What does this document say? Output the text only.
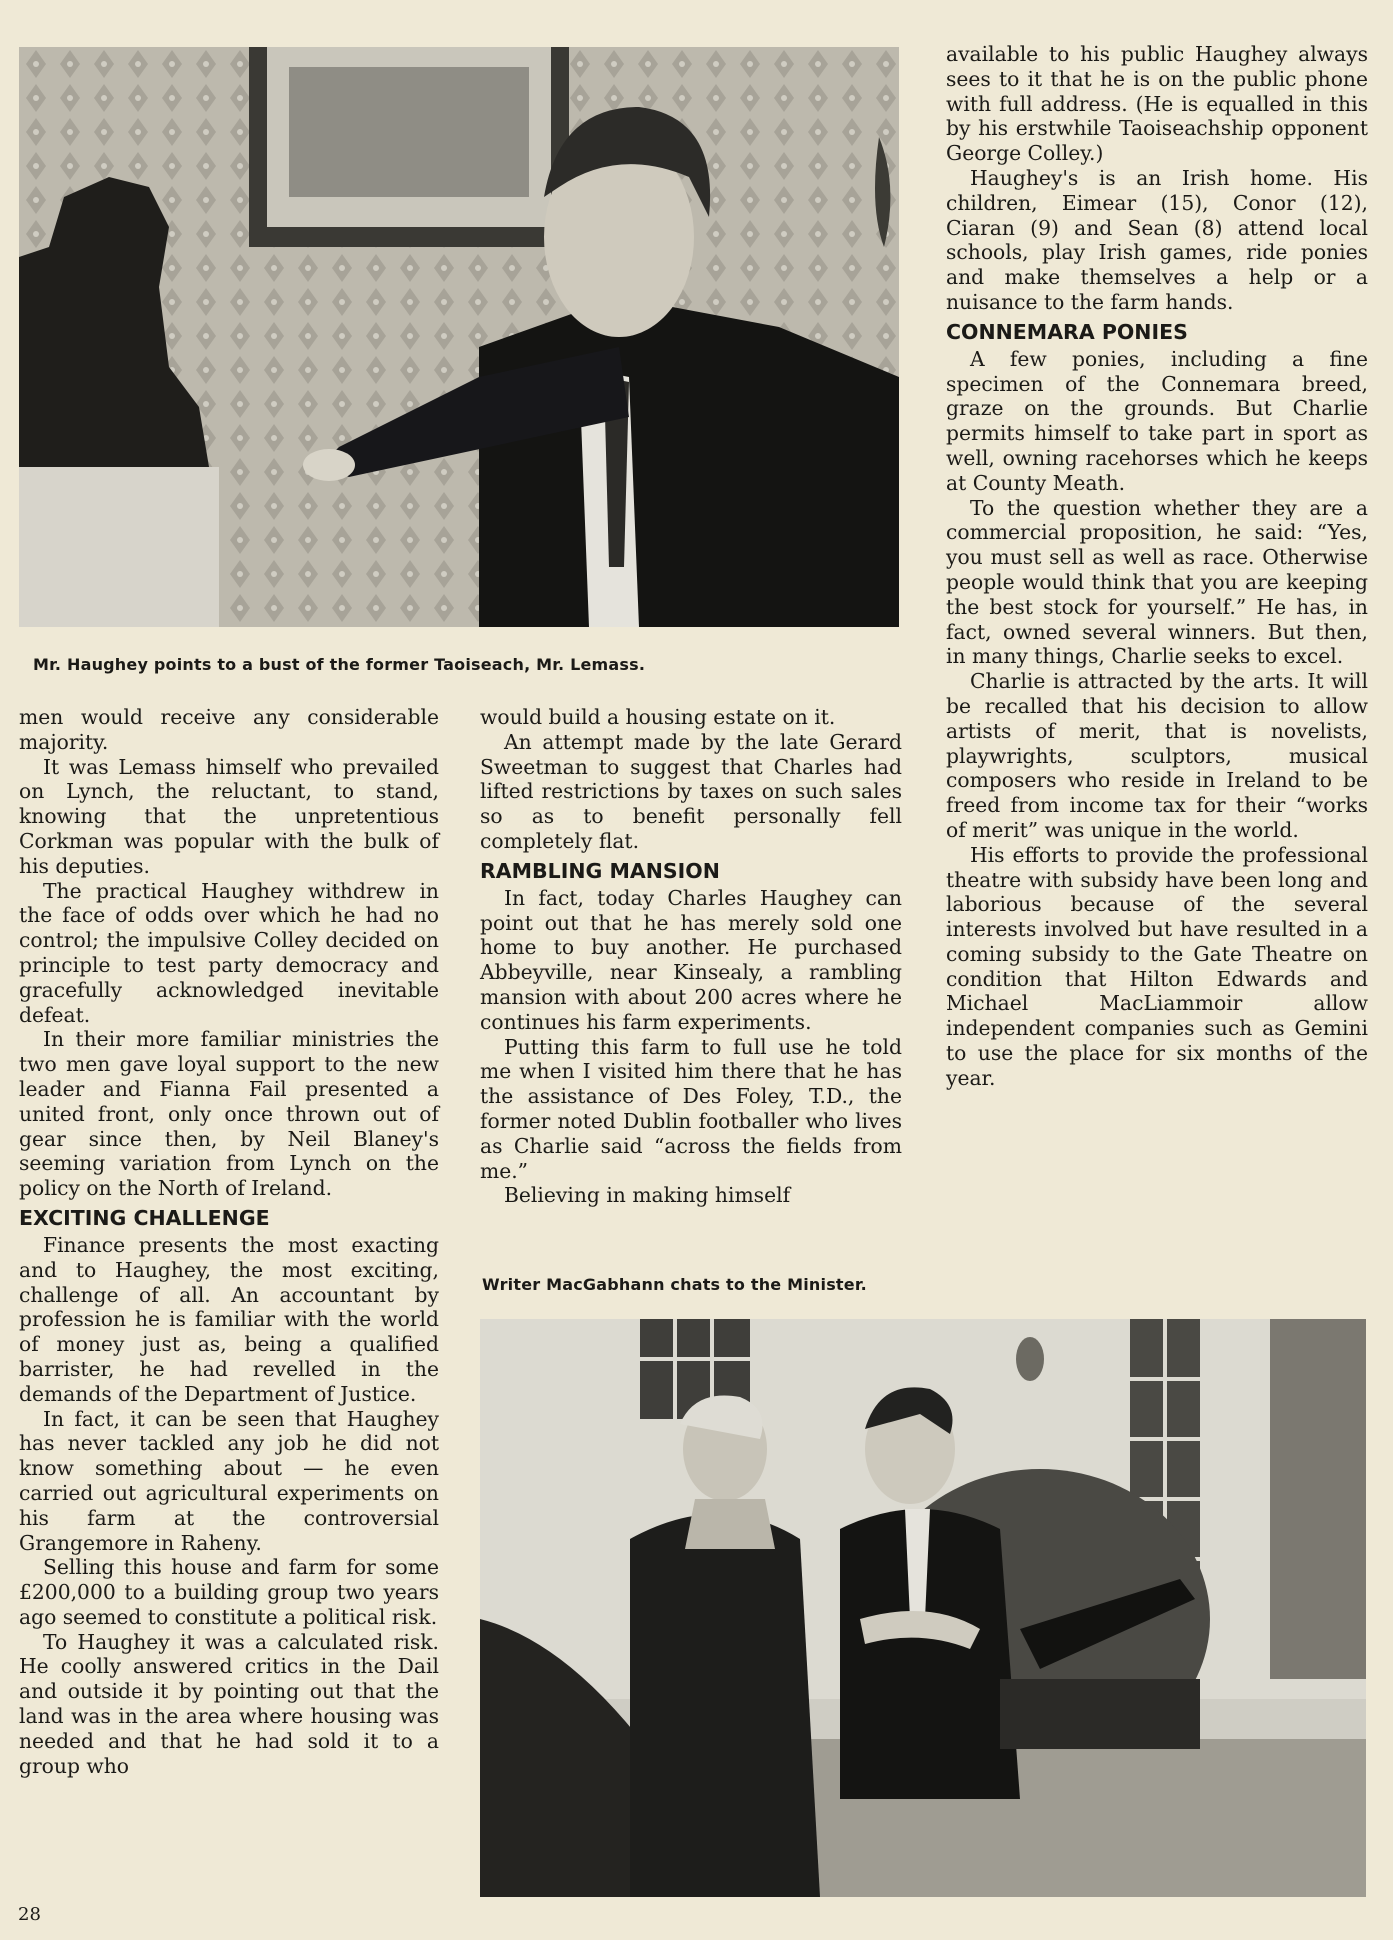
Mr. Haughey points to a bust of the former Taoiseach, Mr. Lemass.

men would receive any considerable majority.

It was Lemass himself who prevailed on Lynch, the reluctant, to stand, knowing that the unpretentious Corkman was popular with the bulk of his deputies.

The practical Haughey withdrew in the face of odds over which he had no control; the impulsive Colley decided on principle to test party democracy and gracefully acknowledged inevitable defeat.

In their more familiar ministries the two men gave loyal support to the new leader and Fianna Fail presented a united front, only once thrown out of gear since then, by Neil Blaney's seeming variation from Lynch on the policy on the North of Ireland.

EXCITING CHALLENGE

Finance presents the most exacting and to Haughey, the most exciting, challenge of all. An accountant by profession he is familiar with the world of money just as, being a qualified barrister, he had revelled in the demands of the Department of Justice.

In fact, it can be seen that Haughey has never tackled any job he did not know something about — he even carried out agricultural experiments on his farm at the controversial Grangemore in Raheny.

Selling this house and farm for some £200,000 to a building group two years ago seemed to constitute a political risk.

To Haughey it was a calculated risk. He coolly answered critics in the Dail and outside it by pointing out that the land was in the area where housing was needed and that he had sold it to a group who

would build a housing estate on it.

An attempt made by the late Gerard Sweetman to suggest that Charles had lifted restrictions by taxes on such sales so as to benefit personally fell completely flat.

RAMBLING MANSION

In fact, today Charles Haughey can point out that he has merely sold one home to buy another. He purchased Abbeyville, near Kinsealy, a rambling mansion with about 200 acres where he continues his farm experiments.

Putting this farm to full use he told me when I visited him there that he has the assistance of Des Foley, T.D., the former noted Dublin footballer who lives as Charlie said “across the fields from me.”

Believing in making himself

Writer MacGabhann chats to the Minister.

available to his public Haughey always sees to it that he is on the public phone with full address. (He is equalled in this by his erstwhile Taoiseachship opponent George Colley.)

Haughey's is an Irish home. His children, Eimear (15), Conor (12), Ciaran (9) and Sean (8) attend local schools, play Irish games, ride ponies and make themselves a help or a nuisance to the farm hands.

CONNEMARA PONIES

A few ponies, including a fine specimen of the Connemara breed, graze on the grounds. But Charlie permits himself to take part in sport as well, owning racehorses which he keeps at County Meath.

To the question whether they are a commercial proposition, he said: “Yes, you must sell as well as race. Otherwise people would think that you are keeping the best stock for yourself.” He has, in fact, owned several winners. But then, in many things, Charlie seeks to excel.

Charlie is attracted by the arts. It will be recalled that his decision to allow artists of merit, that is novelists, playwrights, sculptors, musical composers who reside in Ireland to be freed from income tax for their “works of merit” was unique in the world.

His efforts to provide the professional theatre with subsidy have been long and laborious because of the several interests involved but have resulted in a coming subsidy to the Gate Theatre on condition that Hilton Edwards and Michael MacLiammoir allow independent companies such as Gemini to use the place for six months of the year.

28
